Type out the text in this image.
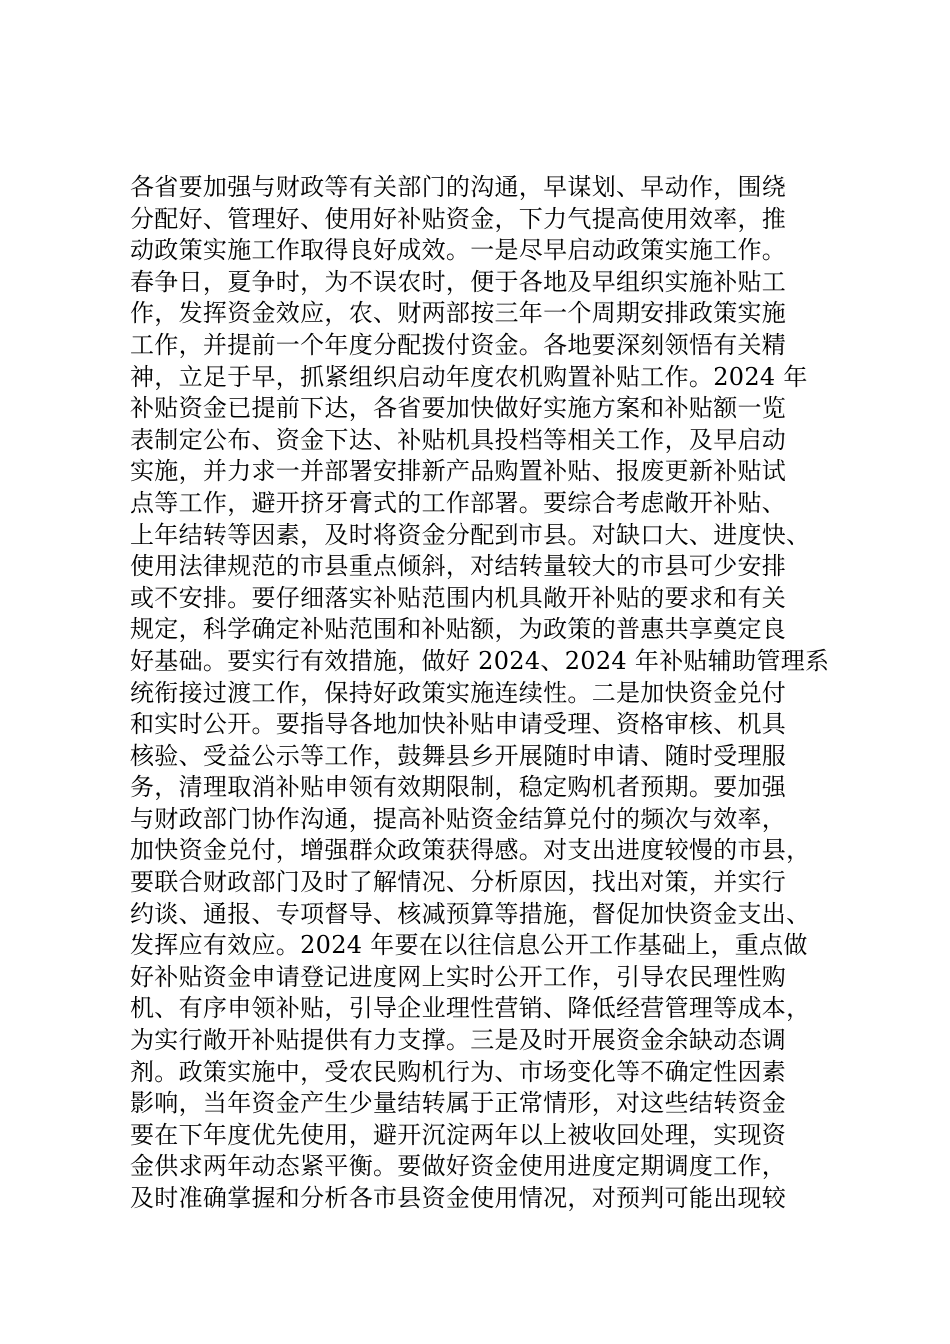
各省要加强与财政等有关部门的沟通，早谋划、早动作，围绕
分配好、管理好、使用好补贴资金，下力气提高使用效率，推
动政策实施工作取得良好成效。一是尽早启动政策实施工作。
春争日，夏争时，为不误农时，便于各地及早组织实施补贴工
作，发挥资金效应，农、财两部按三年一个周期安排政策实施
工作，并提前一个年度分配拨付资金。各地要深刻领悟有关精
神，立足于早，抓紧组织启动年度农机购置补贴工作。2024 年
补贴资金已提前下达，各省要加快做好实施方案和补贴额一览
表制定公布、资金下达、补贴机具投档等相关工作，及早启动
实施，并力求一并部署安排新产品购置补贴、报废更新补贴试
点等工作，避开挤牙膏式的工作部署。要综合考虑敞开补贴、
上年结转等因素，及时将资金分配到市县。对缺口大、进度快、
使用法律规范的市县重点倾斜，对结转量较大的市县可少安排
或不安排。要仔细落实补贴范围内机具敞开补贴的要求和有关
规定，科学确定补贴范围和补贴额，为政策的普惠共享奠定良
好基础。要实行有效措施，做好 2024、2024 年补贴辅助管理系
统衔接过渡工作，保持好政策实施连续性。二是加快资金兑付
和实时公开。要指导各地加快补贴申请受理、资格审核、机具
核验、受益公示等工作，鼓舞县乡开展随时申请、随时受理服
务，清理取消补贴申领有效期限制，稳定购机者预期。要加强
与财政部门协作沟通，提高补贴资金结算兑付的频次与效率，
加快资金兑付，增强群众政策获得感。对支出进度较慢的市县，
要联合财政部门及时了解情况、分析原因，找出对策，并实行
约谈、通报、专项督导、核减预算等措施，督促加快资金支出、
发挥应有效应。2024 年要在以往信息公开工作基础上，重点做
好补贴资金申请登记进度网上实时公开工作，引导农民理性购
机、有序申领补贴，引导企业理性营销、降低经营管理等成本，
为实行敞开补贴提供有力支撑。三是及时开展资金余缺动态调
剂。政策实施中，受农民购机行为、市场变化等不确定性因素
影响，当年资金产生少量结转属于正常情形，对这些结转资金
要在下年度优先使用，避开沉淀两年以上被收回处理，实现资
金供求两年动态紧平衡。要做好资金使用进度定期调度工作，
及时准确掌握和分析各市县资金使用情况，对预判可能出现较
